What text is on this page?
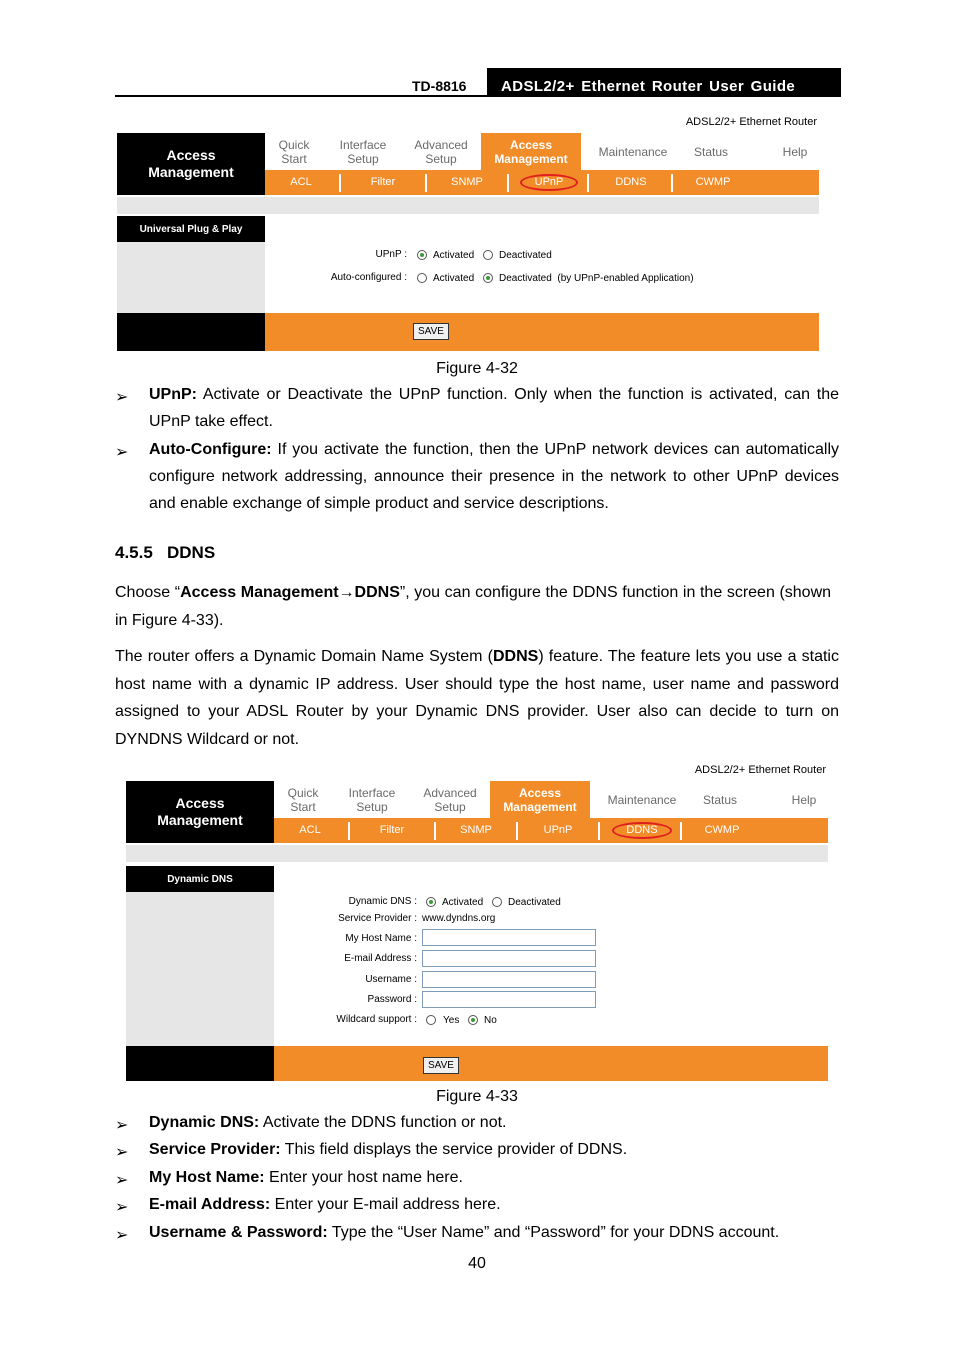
TD-8816 ADSL2/2+ Ethernet Router User Guide
ADSL2/2+ Ethernet Router
Access
Management
Quick
Start
Interface
Setup
Advanced
Setup
Access
Management	Maintenance Status	Help
ACL	Filter	SNMP	UPnP	DDNS	CWMP
Universal Plug & Play
UPnP :	Activated Deactivated
Auto-configured :	Activated Deactivated  (by UPnP-enabled Application)
SAVE
Figure 4-32
➢ UPnP: Activate or Deactivate the UPnP function. Only when the function is activated, can the UPnP take effect.
➢ Auto-Configure: If you activate the function, then the UPnP network devices can automatically configure network addressing, announce their presence in the network to other UPnP devices and enable exchange of simple product and service descriptions.
4.5.5 DDNS
Choose “Access Management→DDNS”, you can configure the DDNS function in the screen (shown in Figure 4-33).
The router offers a Dynamic Domain Name System (DDNS) feature. The feature lets you use a static host name with a dynamic IP address. User should type the host name, user name and password assigned to your ADSL Router by your Dynamic DNS provider. User also can decide to turn on DYNDNS Wildcard or not.
ADSL2/2+ Ethernet Router
Access
Management
Quick
Start
Interface
Setup
Advanced
Setup
Access
Management	Maintenance Status	Help
ACL	Filter	SNMP	UPnP	DDNS	CWMP
Dynamic DNS
Dynamic DNS :	Activated Deactivated
Service Provider : www.dyndns.org
My Host Name :
E-mail Address :
Username :
Password :
Wildcard support :	Yes No
SAVE
Figure 4-33
➢ Dynamic DNS: Activate the DDNS function or not.
➢ Service Provider: This field displays the service provider of DDNS.
➢ My Host Name: Enter your host name here.
➢ E-mail Address: Enter your E-mail address here.
➢ Username & Password: Type the “User Name” and “Password” for your DDNS account.
40
